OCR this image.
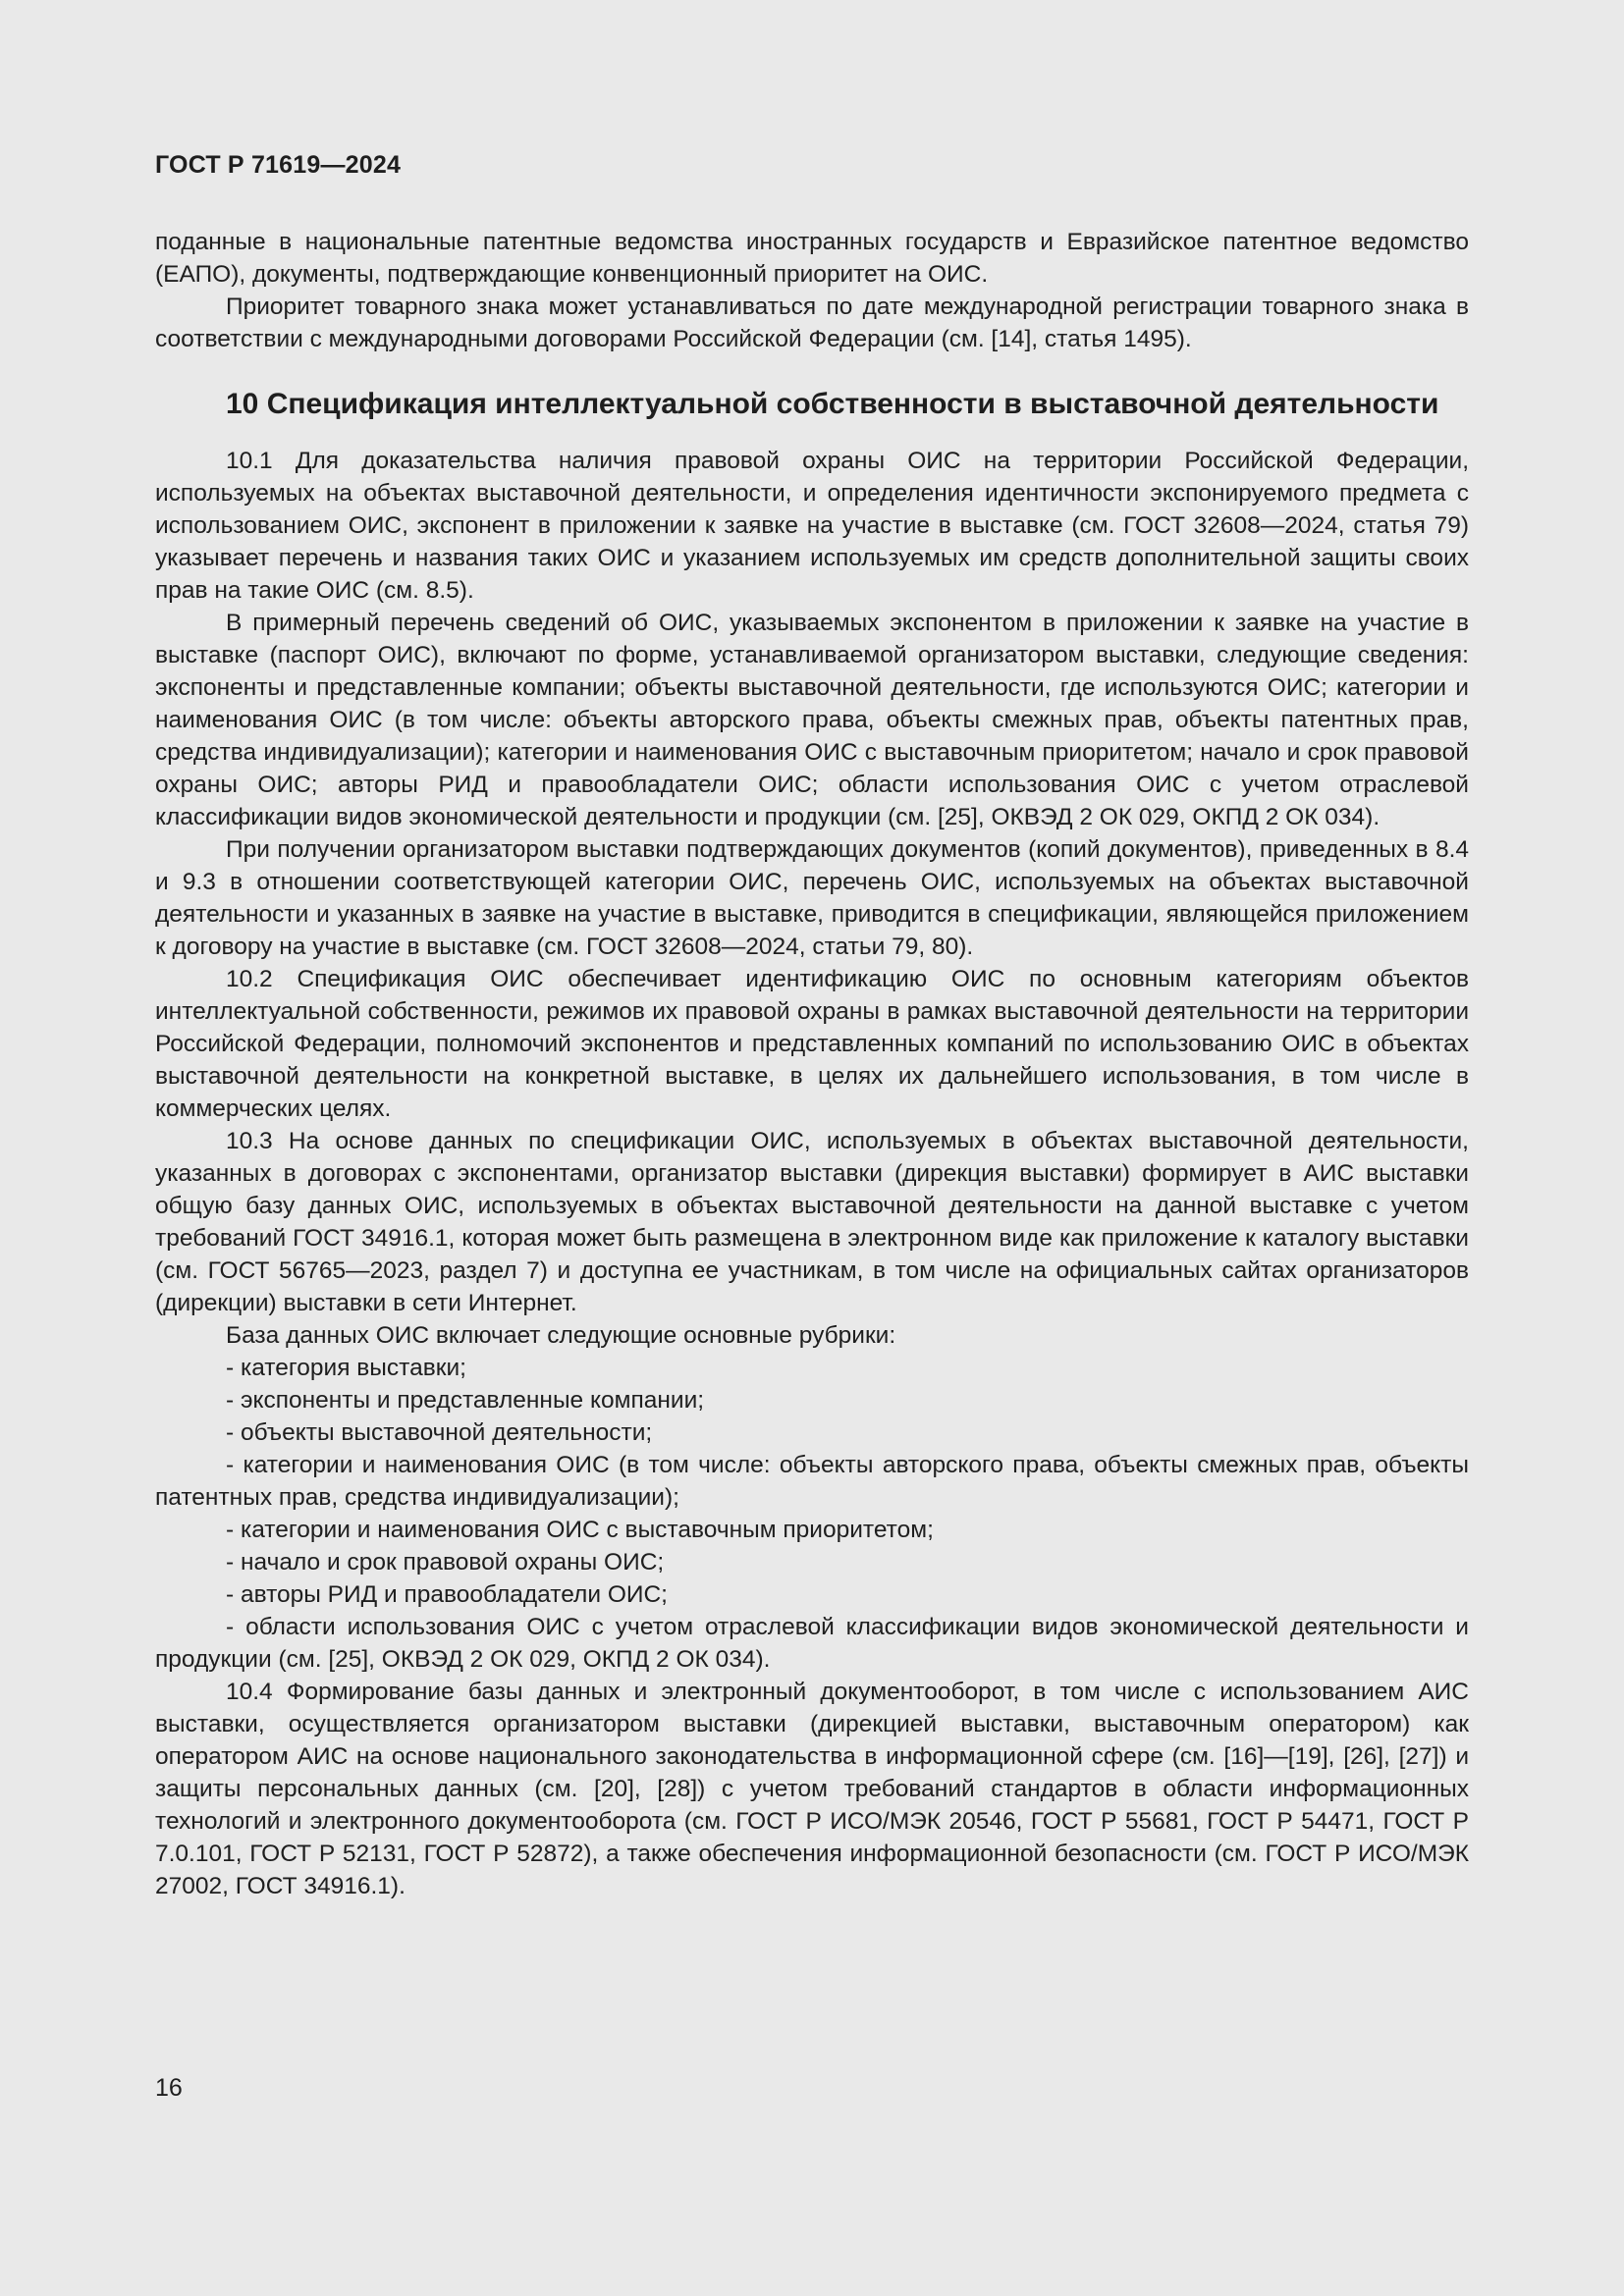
ГОСТ Р 71619—2024

поданные в национальные патентные ведомства иностранных государств и Евразийское патентное ведомство (ЕАПО), документы, подтверждающие конвенционный приоритет на ОИС.

Приоритет товарного знака может устанавливаться по дате международной регистрации товарного знака в соответствии с международными договорами Российской Федерации (см. [14], статья 1495).

10 Спецификация интеллектуальной собственности в выставочной деятельности

10.1 Для доказательства наличия правовой охраны ОИС на территории Российской Федерации, используемых на объектах выставочной деятельности, и определения идентичности экспонируемого предмета с использованием ОИС, экспонент в приложении к заявке на участие в выставке (см. ГОСТ 32608—2024, статья 79) указывает перечень и названия таких ОИС и указанием используемых им средств дополнительной защиты своих прав на такие ОИС (см. 8.5).

В примерный перечень сведений об ОИС, указываемых экспонентом в приложении к заявке на участие в выставке (паспорт ОИС), включают по форме, устанавливаемой организатором выставки, следующие сведения: экспоненты и представленные компании; объекты выставочной деятельности, где используются ОИС; категории и наименования ОИС (в том числе: объекты авторского права, объекты смежных прав, объекты патентных прав, средства индивидуализации); категории и наименования ОИС с выставочным приоритетом; начало и срок правовой охраны ОИС; авторы РИД и правообладатели ОИС; области использования ОИС с учетом отраслевой классификации видов экономической деятельности и продукции (см. [25], ОКВЭД 2 ОК 029, ОКПД 2 ОК 034).

При получении организатором выставки подтверждающих документов (копий документов), приведенных в 8.4 и 9.3 в отношении соответствующей категории ОИС, перечень ОИС, используемых на объектах выставочной деятельности и указанных в заявке на участие в выставке, приводится в спецификации, являющейся приложением к договору на участие в выставке (см. ГОСТ 32608—2024, статьи 79, 80).

10.2 Спецификация ОИС обеспечивает идентификацию ОИС по основным категориям объектов интеллектуальной собственности, режимов их правовой охраны в рамках выставочной деятельности на территории Российской Федерации, полномочий экспонентов и представленных компаний по использованию ОИС в объектах выставочной деятельности на конкретной выставке, в целях их дальнейшего использования, в том числе в коммерческих целях.

10.3 На основе данных по спецификации ОИС, используемых в объектах выставочной деятельности, указанных в договорах с экспонентами, организатор выставки (дирекция выставки) формирует в АИС выставки общую базу данных ОИС, используемых в объектах выставочной деятельности на данной выставке с учетом требований ГОСТ 34916.1, которая может быть размещена в электронном виде как приложение к каталогу выставки (см. ГОСТ 56765—2023, раздел 7) и доступна ее участникам, в том числе на официальных сайтах организаторов (дирекции) выставки в сети Интернет.

База данных ОИС включает следующие основные рубрики:

- категория выставки;

- экспоненты и представленные компании;

- объекты выставочной деятельности;

- категории и наименования ОИС (в том числе: объекты авторского права, объекты смежных прав, объекты патентных прав, средства индивидуализации);

- категории и наименования ОИС с выставочным приоритетом;

- начало и срок правовой охраны ОИС;

- авторы РИД и правообладатели ОИС;

- области использования ОИС с учетом отраслевой классификации видов экономической деятельности и продукции (см. [25], ОКВЭД 2 ОК 029, ОКПД 2 ОК 034).

10.4 Формирование базы данных и электронный документооборот, в том числе с использованием АИС выставки, осуществляется организатором выставки (дирекцией выставки, выставочным оператором) как оператором АИС на основе национального законодательства в информационной сфере (см. [16]—[19], [26], [27]) и защиты персональных данных (см. [20], [28]) с учетом требований стандартов в области информационных технологий и электронного документооборота (см. ГОСТ Р ИСО/МЭК 20546, ГОСТ Р 55681, ГОСТ Р 54471, ГОСТ Р 7.0.101, ГОСТ Р 52131, ГОСТ Р 52872), а также обеспечения информационной безопасности (см. ГОСТ Р ИСО/МЭК 27002, ГОСТ 34916.1).

16
